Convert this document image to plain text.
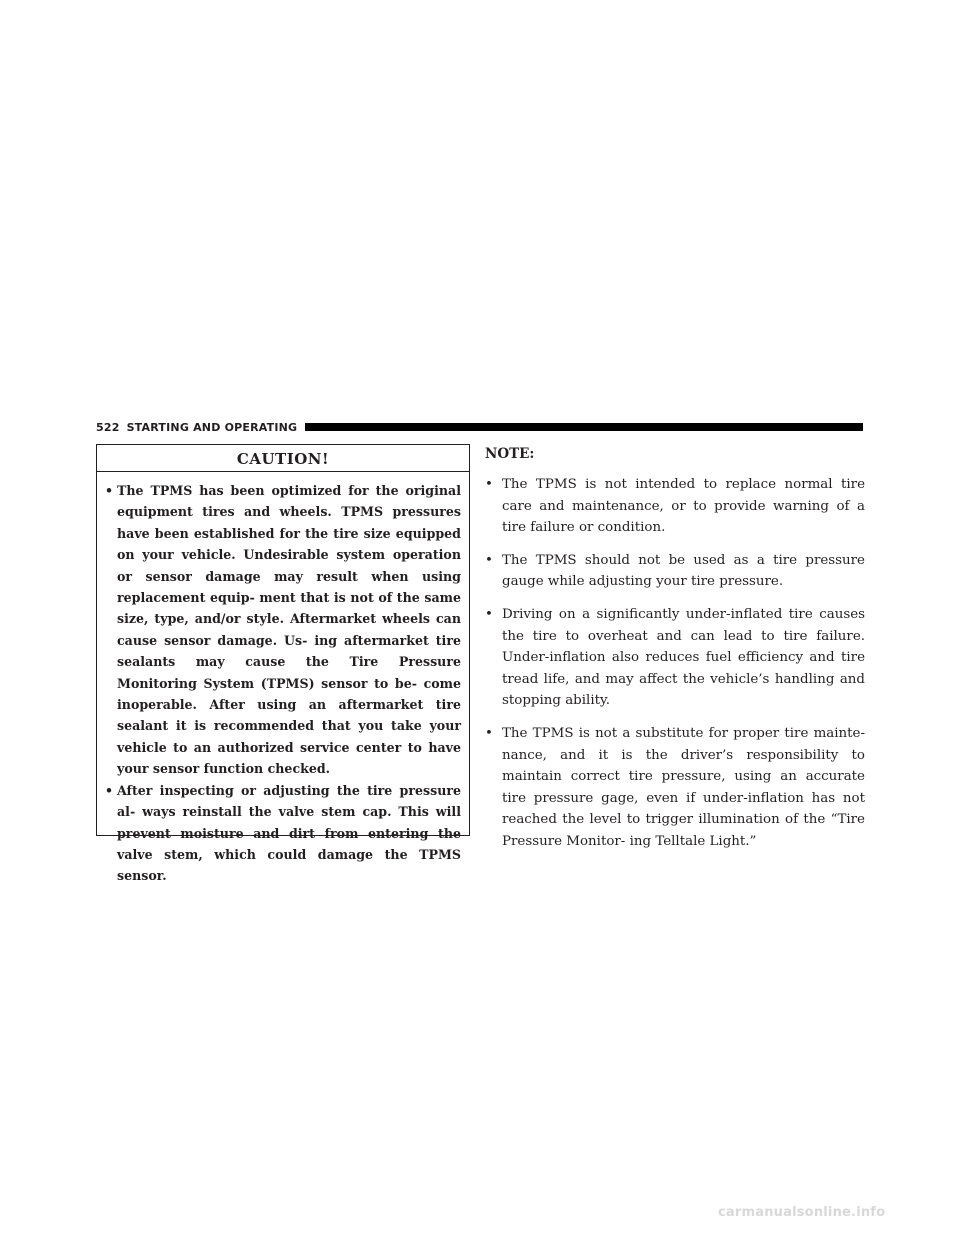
522 STARTING AND OPERATING
CAUTION!
• The TPMS has been optimized for the original equipment tires and wheels. TPMS pressures have been established for the tire size equipped on your vehicle. Undesirable system operation or sensor damage may result when using replacement equip- ment that is not of the same size, type, and/or style. Aftermarket wheels can cause sensor damage. Us- ing aftermarket tire sealants may cause the Tire Pressure Monitoring System (TPMS) sensor to be- come inoperable. After using an aftermarket tire sealant it is recommended that you take your vehicle to an authorized service center to have your sensor function checked.
• After inspecting or adjusting the tire pressure al- ways reinstall the valve stem cap. This will prevent moisture and dirt from entering the valve stem, which could damage the TPMS sensor.
NOTE:
• The TPMS is not intended to replace normal tire care and maintenance, or to provide warning of a tire failure or condition.
• The TPMS should not be used as a tire pressure gauge while adjusting your tire pressure.
• Driving on a significantly under-inflated tire causes the tire to overheat and can lead to tire failure. Under-inflation also reduces fuel efficiency and tire tread life, and may affect the vehicle’s handling and stopping ability.
• The TPMS is not a substitute for proper tire mainte- nance, and it is the driver’s responsibility to maintain correct tire pressure, using an accurate tire pressure gage, even if under-inflation has not reached the level to trigger illumination of the “Tire Pressure Monitor- ing Telltale Light.”
carmanualsonline.info
